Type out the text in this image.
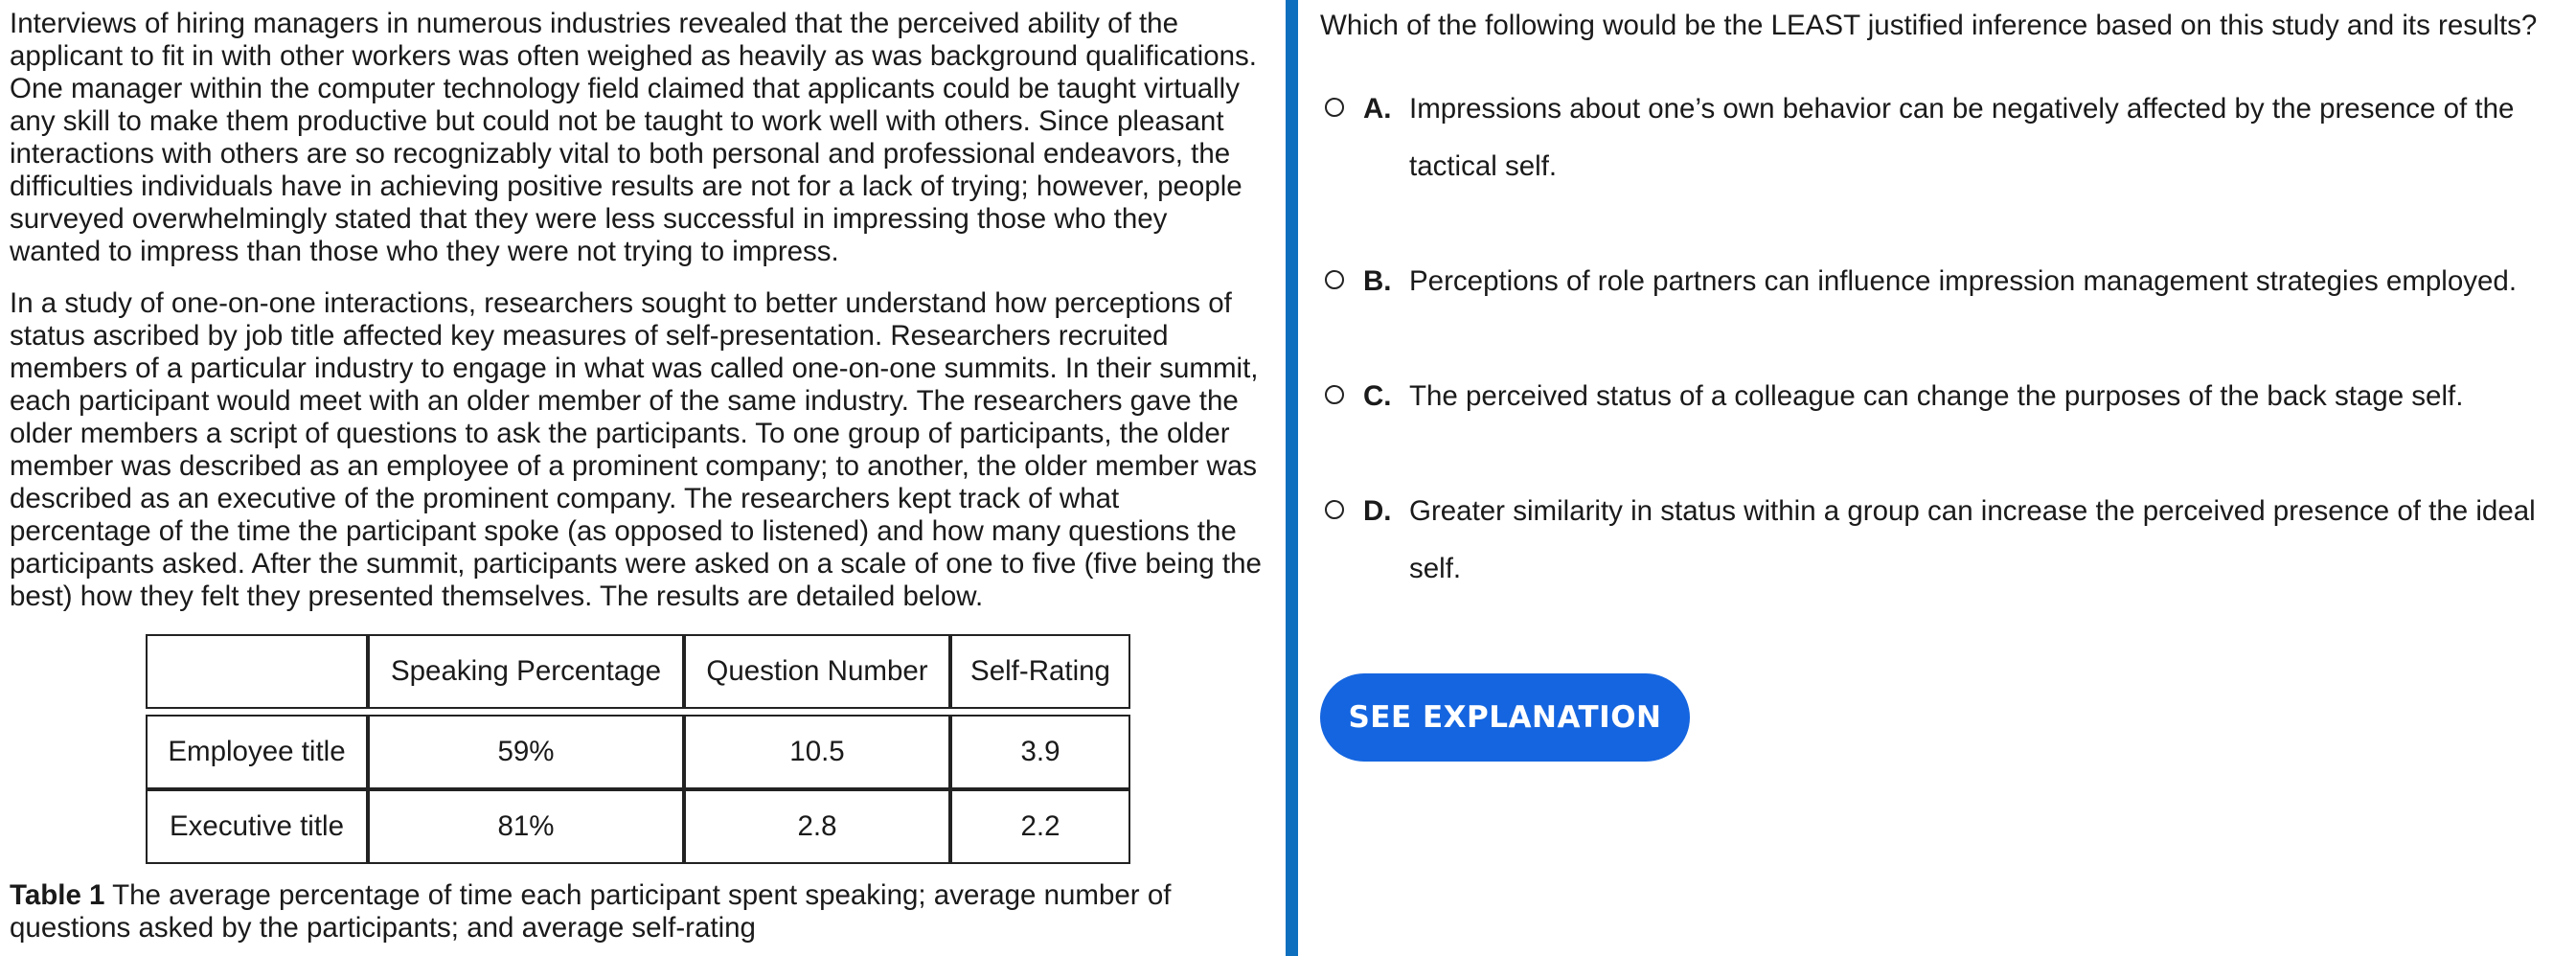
Interviews of hiring managers in numerous industries revealed that the perceived ability of the applicant to fit in with other workers was often weighed as heavily as was background qualifications. One manager within the computer technology field claimed that applicants could be taught virtually any skill to make them productive but could not be taught to work well with others. Since pleasant interactions with others are so recognizably vital to both personal and professional endeavors, the difficulties individuals have in achieving positive results are not for a lack of trying; however, people surveyed overwhelmingly stated that they were less successful in impressing those who they wanted to impress than those who they were not trying to impress.

In a study of one-on-one interactions, researchers sought to better understand how perceptions of status ascribed by job title affected key measures of self-presentation. Researchers recruited members of a particular industry to engage in what was called one-on-one summits. In their summit, each participant would meet with an older member of the same industry. The researchers gave the older members a script of questions to ask the participants. To one group of participants, the older member was described as an employee of a prominent company; to another, the older member was described as an executive of the prominent company. The researchers kept track of what percentage of the time the participant spoke (as opposed to listened) and how many questions the participants asked. After the summit, participants were asked on a scale of one to five (five being the best) how they felt they presented themselves. The results are detailed below.

	Speaking Percentage	Question Number	Self-Rating

Employee title	59%	10.5	3.9
Executive title	81%	2.8	2.2
Table 1 The average percentage of time each participant spent speaking; average number of questions asked by the participants; and average self-rating
Which of the following would be the LEAST justified inference based on this study and its results?
A. Impressions about one’s own behavior can be negatively affected by the presence of the tactical self.
B. Perceptions of role partners can influence impression management strategies employed.
C. The perceived status of a colleague can change the purposes of the back stage self.
D. Greater similarity in status within a group can increase the perceived presence of the ideal self.
SEE EXPLANATION
